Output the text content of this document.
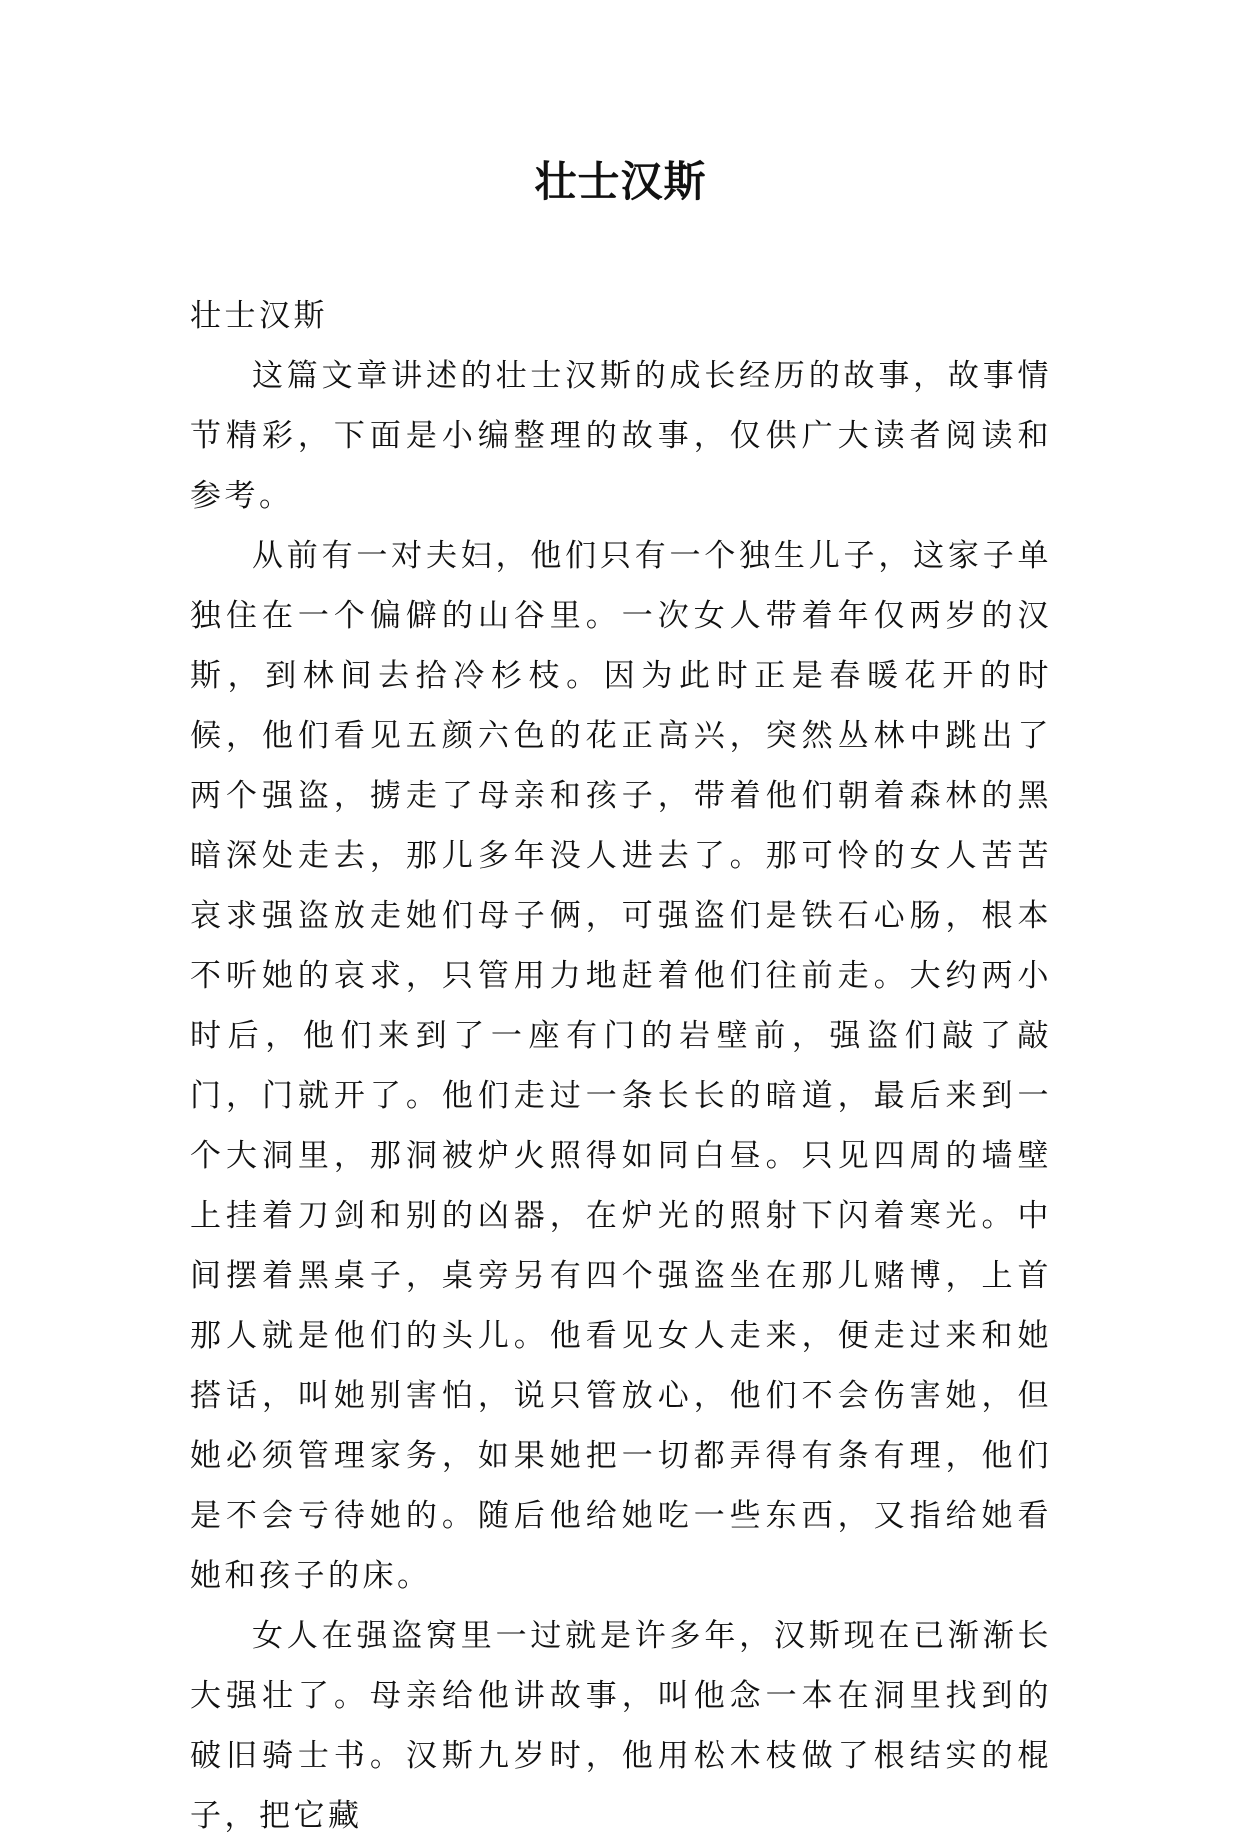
壮士汉斯

壮士汉斯

这篇文章讲述的壮士汉斯的成长经历的故事，故事情节精彩，下面是小编整理的故事，仅供广大读者阅读和参考。

从前有一对夫妇，他们只有一个独生儿子，这家子单独住在一个偏僻的山谷里。一次女人带着年仅两岁的汉斯，到林间去拾冷杉枝。因为此时正是春暖花开的时候，他们看见五颜六色的花正高兴，突然丛林中跳出了两个强盗，掳走了母亲和孩子，带着他们朝着森林的黑暗深处走去，那儿多年没人进去了。那可怜的女人苦苦哀求强盗放走她们母子俩，可强盗们是铁石心肠，根本不听她的哀求，只管用力地赶着他们往前走。大约两小时后，他们来到了一座有门的岩壁前，强盗们敲了敲门，门就开了。他们走过一条长长的暗道，最后来到一个大洞里，那洞被炉火照得如同白昼。只见四周的墙壁上挂着刀剑和别的凶器，在炉光的照射下闪着寒光。中间摆着黑桌子，桌旁另有四个强盗坐在那儿赌博，上首那人就是他们的头儿。他看见女人走来，便走过来和她搭话，叫她别害怕，说只管放心，他们不会伤害她，但她必须管理家务，如果她把一切都弄得有条有理，他们是不会亏待她的。随后他给她吃一些东西，又指给她看她和孩子的床。

女人在强盗窝里一过就是许多年，汉斯现在已渐渐长大强壮了。母亲给他讲故事，叫他念一本在洞里找到的破旧骑士书。汉斯九岁时，他用松木枝做了根结实的棍子，把它藏
